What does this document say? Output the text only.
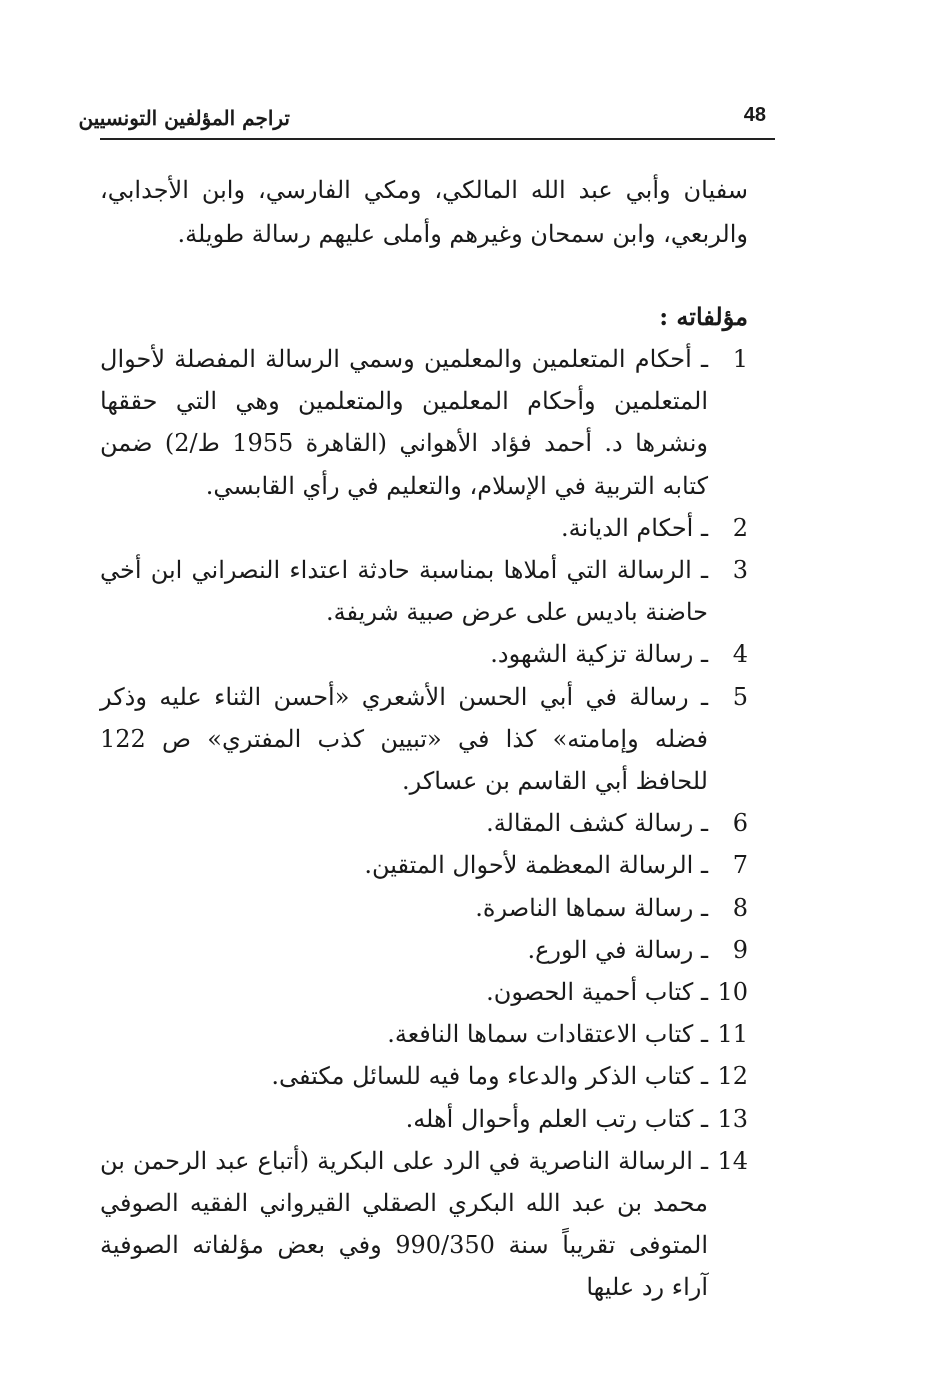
تراجم المؤلفين التونسيين	48

سفيان وأبي عبد الله المالكي، ومكي الفارسي، وابن الأجدابي، والربعي، وابن سمحان وغيرهم وأملى عليهم رسالة طويلة.

مؤلفاته :
1
ـ أحكام المتعلمين والمعلمين وسمي الرسالة المفصلة لأحوال المتعلمين وأحكام المعلمين والمتعلمين وهي التي حققها ونشرها د. أحمد فؤاد الأهواني (القاهرة 1955 ط/2) ضمن كتابه التربية في الإسلام، والتعليم في رأي القابسي.
2
ـ أحكام الديانة.
3
ـ الرسالة التي أملاها بمناسبة حادثة اعتداء النصراني ابن أخي حاضنة باديس على عرض صبية شريفة.
4
ـ رسالة تزكية الشهود.
5
ـ رسالة في أبي الحسن الأشعري «أحسن الثناء عليه وذكر فضله وإمامته» كذا في «تبيين كذب المفتري» ص 122 للحافظ أبي القاسم بن عساكر.
6
ـ رسالة كشف المقالة.
7
ـ الرسالة المعظمة لأحوال المتقين.
8
ـ رسالة سماها الناصرة.
9
ـ رسالة في الورع.
10
ـ كتاب أحمية الحصون.
11
ـ كتاب الاعتقادات سماها النافعة.
12
ـ كتاب الذكر والدعاء وما فيه للسائل مكتفى.
13
ـ كتاب رتب العلم وأحوال أهله.
14
ـ الرسالة الناصرية في الرد على البكرية (أتباع عبد الرحمن بن محمد بن عبد الله البكري الصقلي القيرواني الفقيه الصوفي المتوفى تقريباً سنة 990/350 وفي بعض مؤلفاته الصوفية آراء رد عليها
